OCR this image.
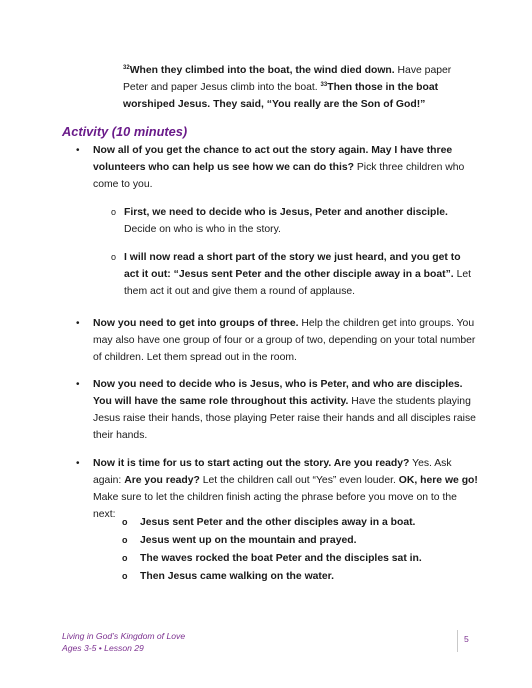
$^{32}$When they climbed into the boat, the wind died down. Have paper Peter and paper Jesus climb into the boat. $^{33}$Then those in the boat worshiped Jesus. They said, “You really are the Son of God!”

Activity (10 minutes)
•	Now all of you get the chance to act out the story again. May I have three volunteers who can help us see how we can do this? Pick three children who come to you.

o First, we need to decide who is Jesus, Peter and another disciple. Decide on who is who in the story.

o I will now read a short part of the story we just heard, and you get to act it out: “Jesus sent Peter and the other disciple away in a boat”. Let them act it out and give them a round of applause.

•	Now you need to get into groups of three. Help the children get into groups. You may also have one group of four or a group of two, depending on your total number of children. Let them spread out in the room.

•	Now you need to decide who is Jesus, who is Peter, and who are disciples. You will have the same role throughout this activity. Have the students playing Jesus raise their hands, those playing Peter raise their hands and all disciples raise their hands.

•	Now it is time for us to start acting out the story. Are you ready? Yes. Ask again: Are you ready? Let the children call out “Yes” even louder. OK, here we go! Make sure to let the children finish acting the phrase before you move on to the next:

o Jesus sent Peter and the other disciples away in a boat.
o Jesus went up on the mountain and prayed.
o The waves rocked the boat Peter and the disciples sat in.
o Then Jesus came walking on the water.
Living in God’s Kingdom of Love
Ages 3-5 • Lesson 29
5
